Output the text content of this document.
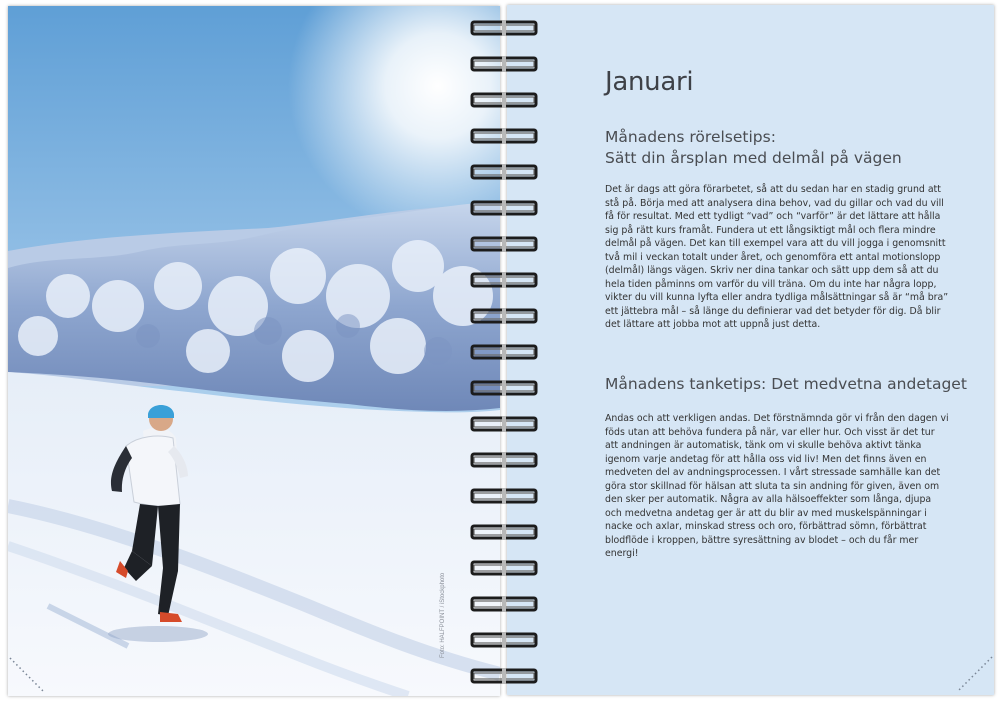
Foto: HALFPOINT / iStockphoto
Januari
Månadens rörelsetips:
Sätt din årsplan med delmål på vägen

Det är dags att göra förarbetet, så att du sedan har en stadig grund att stå på. Börja med att analysera dina behov, vad du gillar och vad du vill få för resultat. Med ett tydligt “vad” och “varför” är det lättare att hålla sig på rätt kurs framåt. Fundera ut ett långsiktigt mål och flera mindre delmål på vägen. Det kan till exempel vara att du vill jogga i genomsnitt två mil i veckan totalt under året, och genomföra ett antal motionslopp (delmål) längs vägen. Skriv ner dina tankar och sätt upp dem så att du hela tiden påminns om varför du vill träna. Om du inte har några lopp, vikter du vill kunna lyfta eller andra tydliga målsättningar så är “må bra” ett jättebra mål – så länge du definierar vad det betyder för dig. Då blir det lättare att jobba mot att uppnå just detta.

Månadens tanketips: Det medvetna andetaget

Andas och att verkligen andas. Det förstnämnda gör vi från den dagen vi föds utan att behöva fundera på när, var eller hur. Och visst är det tur att andningen är automatisk, tänk om vi skulle behöva aktivt tänka igenom varje andetag för att hålla oss vid liv! Men det finns även en medveten del av andningsprocessen. I vårt stressade samhälle kan det göra stor skillnad för hälsan att sluta ta sin andning för given, även om den sker per automatik. Några av alla hälsoeffekter som långa, djupa och medvetna andetag ger är att du blir av med muskelspänningar i nacke och axlar, minskad stress och oro, förbättrad sömn, förbättrat blodflöde i kroppen, bättre syresättning av blodet – och du får mer energi!
